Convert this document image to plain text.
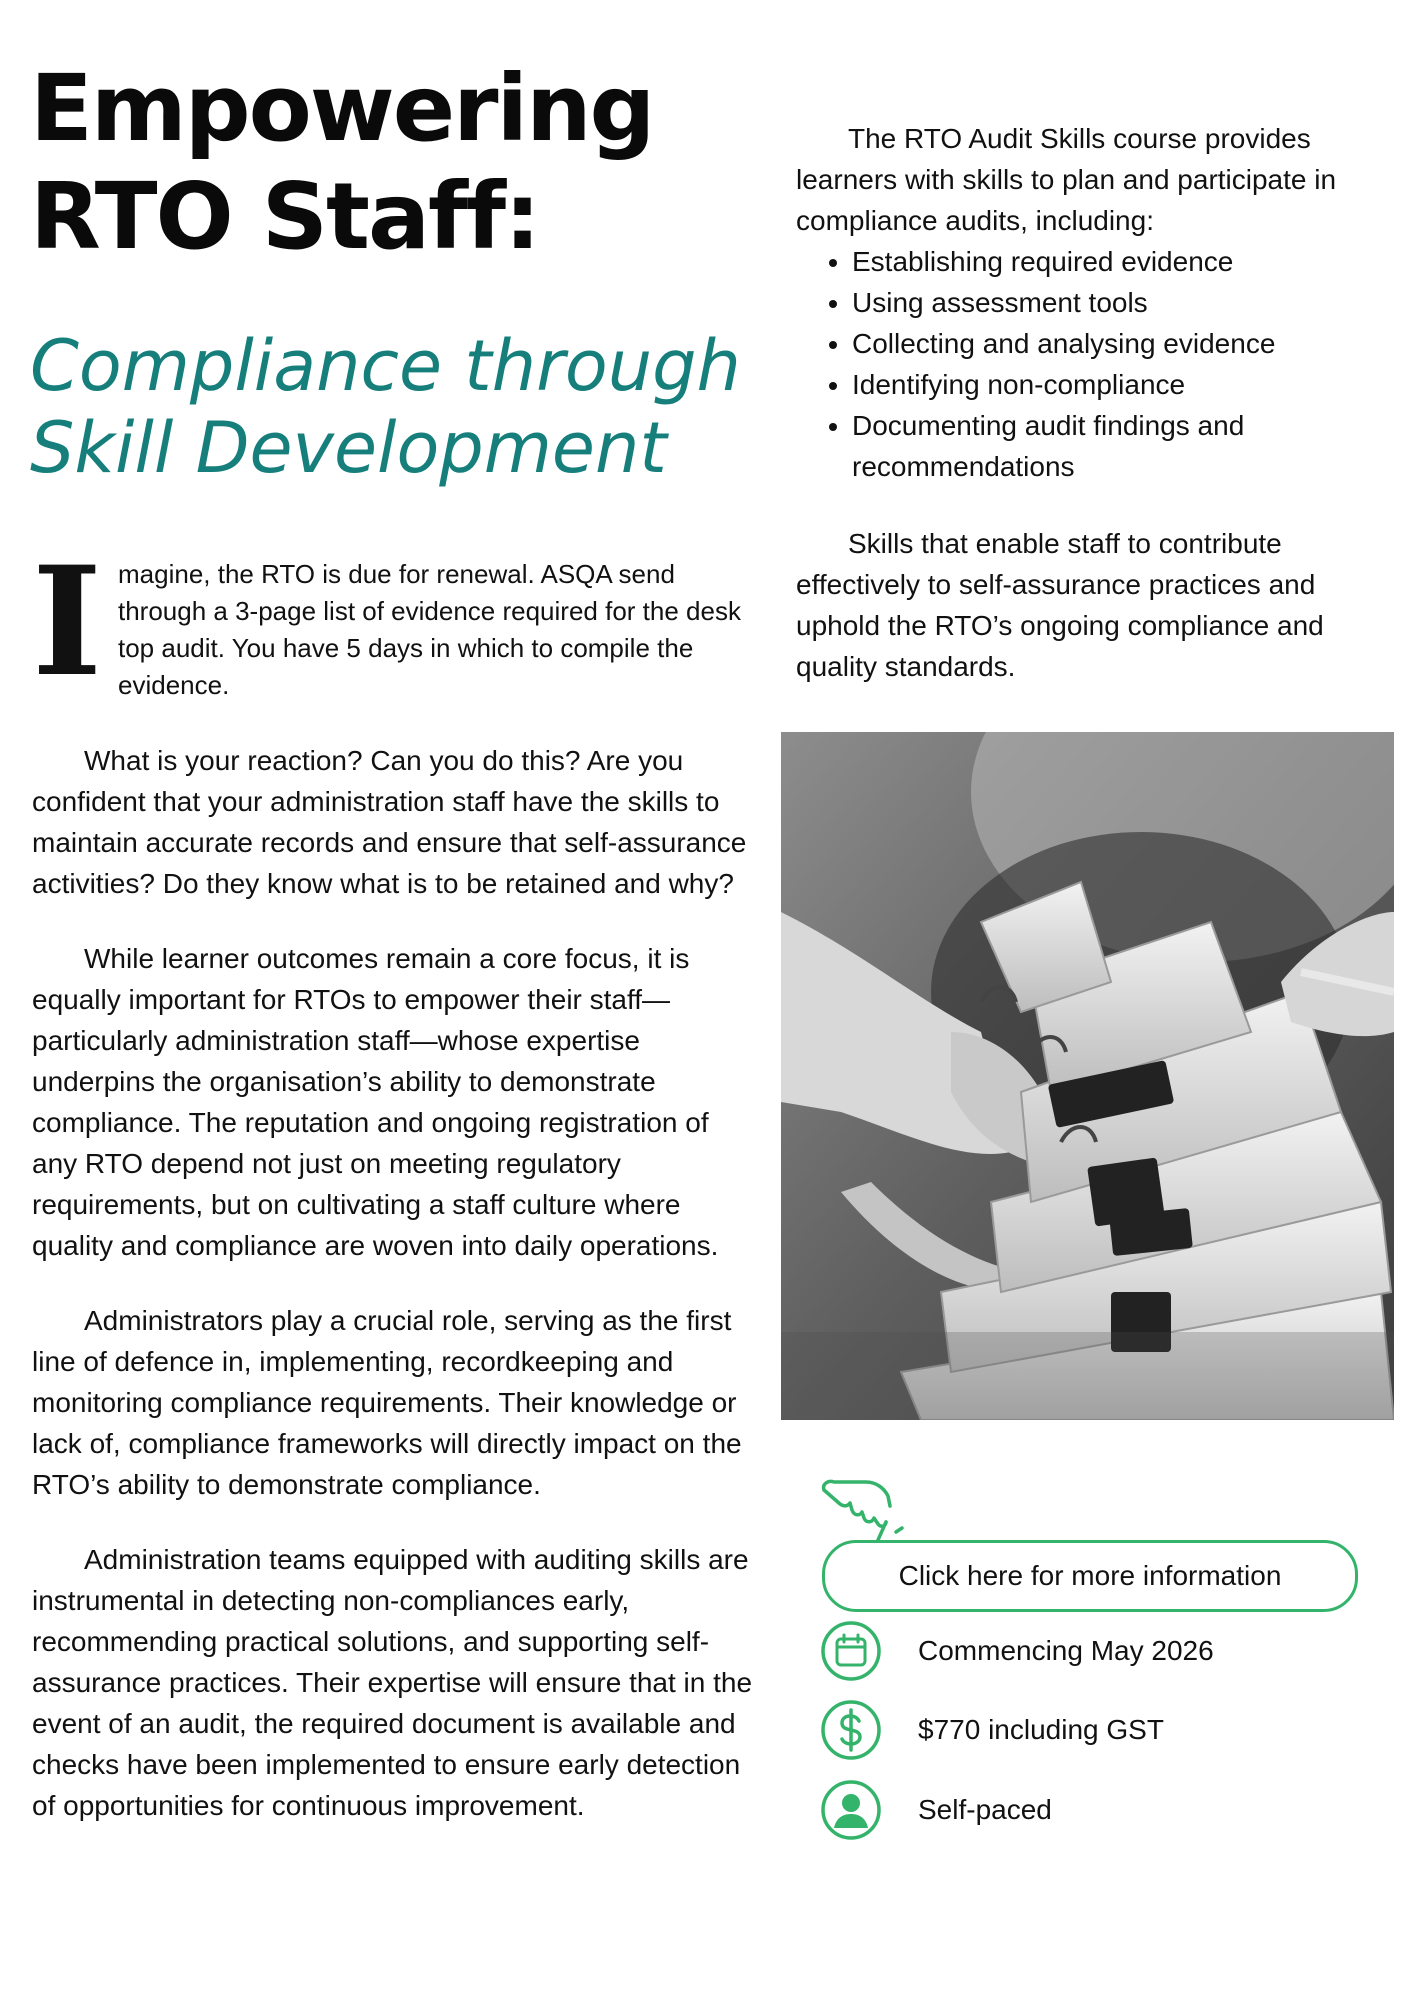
Empowering RTO Staff:
Compliance through Skill Development
I magine, the RTO is due for renewal. ASQA send through a 3-page list of evidence required for the desk top audit. You have 5 days in which to compile the evidence.

What is your reaction? Can you do this? Are you confident that your administration staff have the skills to maintain accurate records and ensure that self-assurance activities? Do they know what is to be retained and why?

While learner outcomes remain a core focus, it is equally important for RTOs to empower their staff—particularly administration staff—whose expertise underpins the organisation’s ability to demonstrate compliance. The reputation and ongoing registration of any RTO depend not just on meeting regulatory requirements, but on cultivating a staff culture where quality and compliance are woven into daily operations.

Administrators play a crucial role, serving as the first line of defence in, implementing, recordkeeping and monitoring compliance requirements. Their knowledge or lack of, compliance frameworks will directly impact on the RTO’s ability to demonstrate compliance.

Administration teams equipped with auditing skills are instrumental in detecting non-compliances early, recommending practical solutions, and supporting self-assurance practices. Their expertise will ensure that in the event of an audit, the required document is available and checks have been implemented to ensure early detection of opportunities for continuous improvement.

The RTO Audit Skills course provides learners with skills to plan and participate in compliance audits, including:

• Establishing required evidence
• Using assessment tools
• Collecting and analysing evidence
• Identifying non-compliance
• Documenting audit findings and recommendations

Skills that enable staff to contribute effectively to self-assurance practices and uphold the RTO’s ongoing compliance and quality standards.

Click here for more information
Commencing May 2026
$770 including GST
Self-paced
